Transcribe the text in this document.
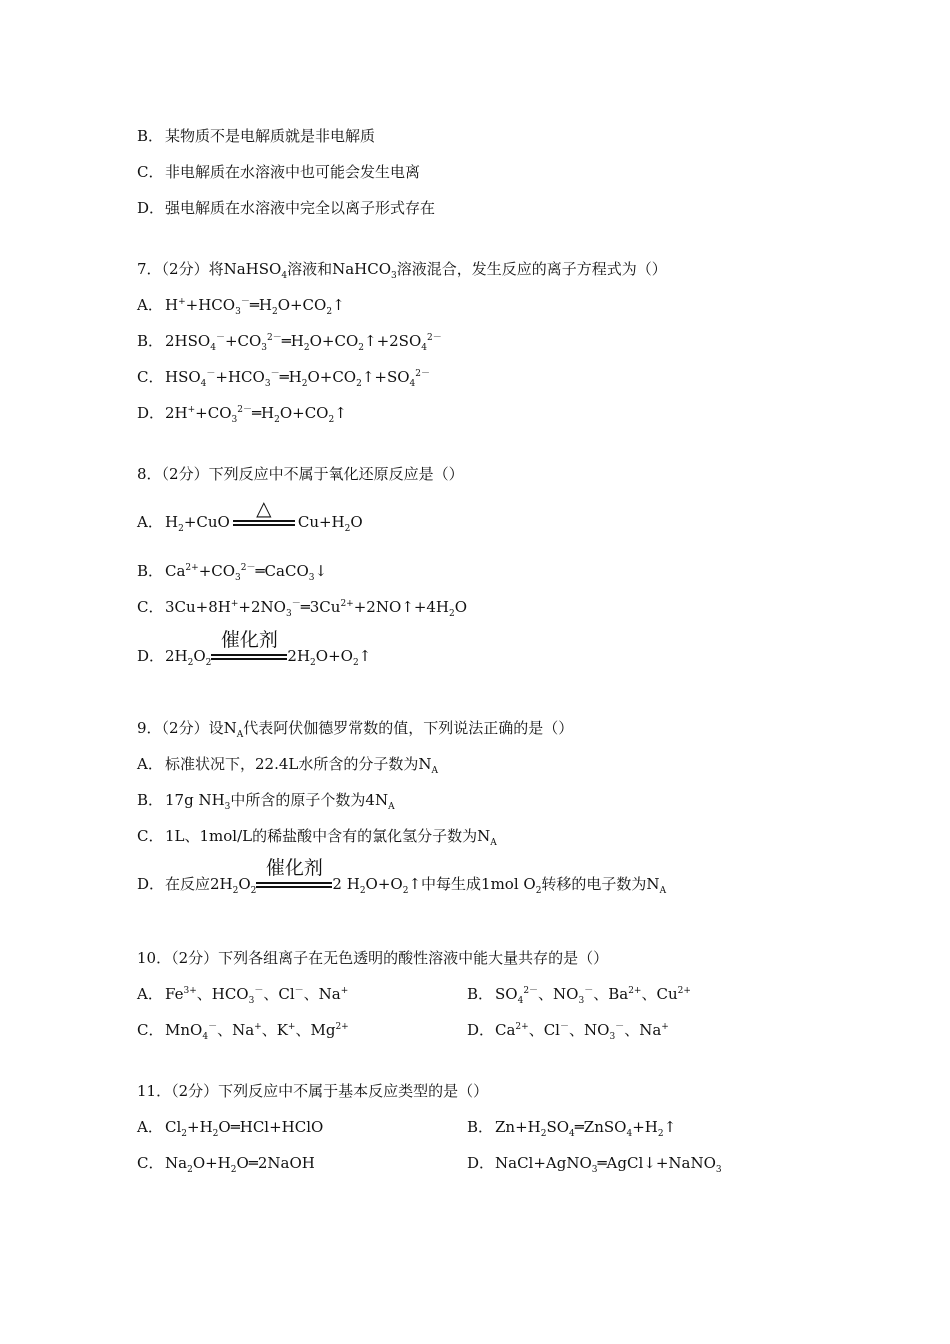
B． 某物质不是电解质就是非电解质
C． 非电解质在水溶液中也可能会发生电离
D．强电解质在水溶液中完全以离子形式存在
7．（2分）将NaHSO$_4$溶液和NaHCO$_3$溶液混合，发生反应的离子方程式为（）
A． $H^++HCO_3^-═H_2O+CO_2↑$
B． $2HSO_4^-+CO_3^{2-}═H_2O+CO_2↑+2SO_4^{2-}$
C． $HSO_4^-+HCO_3^-═H_2O+CO_2↑+SO_4^{2-}$
D．$2H^++CO_3^{2-}═H_2O+CO_2↑$
8．（2分）下列反应中不属于氧化还原反应是（）
A． $H_2+CuO$
△
$Cu+H_2O$
B． $Ca^{2+}+CO_3^{2-}═CaCO_3↓$
C． $3Cu+8H^++2NO_3^-═3Cu^{2+}+2NO↑+4H_2O$
D．$2H_2O_2$
催化剂
$2H_2O+O_2↑$
9．（2分）设$N_A$代表阿伏伽德罗常数的值，下列说法正确的是（）
A． 标准状况下，22.4L水所含的分子数为$N_A$
B． 17g $NH_3$中所含的原子个数为$4N_A$
C． 1L、1mol/L的稀盐酸中含有的氯化氢分子数为$N_A$
D．在反应$2H_2O_2$
催化剂
2 $H_2O+O_2↑$中每生成1mol $O_2$转移的电子数为$N_A$
10．（2分）下列各组离子在无色透明的酸性溶液中能大量共存的是（）
A． $Fe^{3+}$、$HCO_3^-$、Cl－、Na+	B． $SO_4^{2-}$、$NO_3^-$、$Ba^{2+}$、$Cu^{2+}$
C． MnO$_4$－、Na+、K+、$Mg^{2+}$	D．$Ca^{2+}$、Cl－、$NO_3^-$、Na+
11．（2分）下列反应中不属于基本反应类型的是（）
A． $Cl_2+H_2O═HCl+HClO$	B． $Zn+H_2SO_4═ZnSO_4+H_2↑$
C． $Na_2O+H_2O═2NaOH$	D．NaCl+AgNO$_3$═AgCl↓+NaNO$_3$
